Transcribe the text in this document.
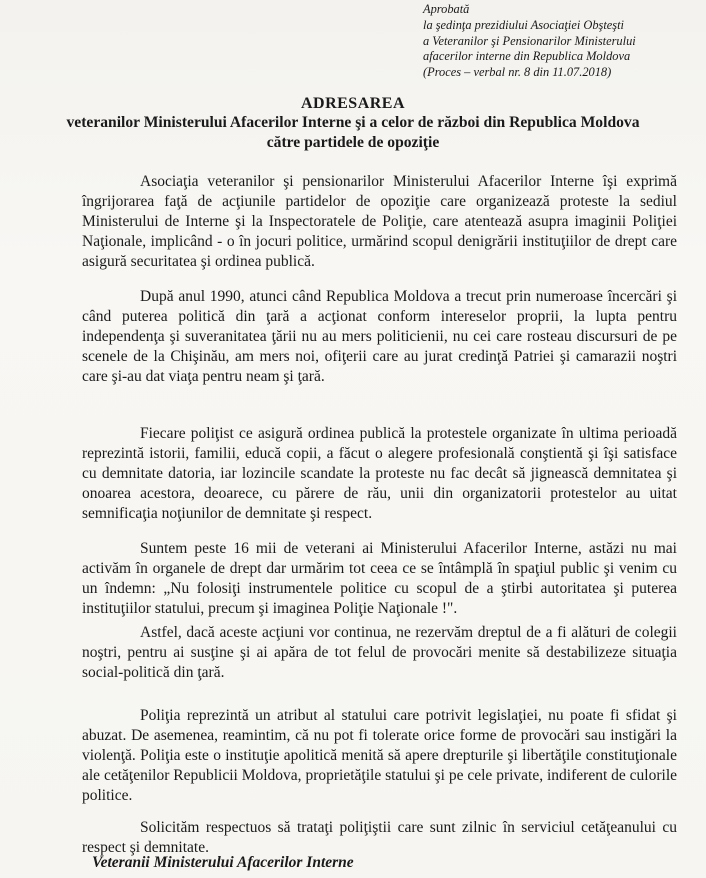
Aprobată
la şedinţa prezidiului Asociaţiei Obşteşti
a Veteranilor şi Pensionarilor Ministerului
afacerilor interne din Republica Moldova
(Proces – verbal nr. 8 din 11.07.2018)
ADRESAREA
veteranilor Ministerului Afacerilor Interne şi a celor de război din Republica Moldova
către partidele de opoziţie

Asociaţia veteranilor şi pensionarilor Ministerului Afacerilor Interne îşi exprimă îngrijorarea faţă de acţiunile partidelor de opoziţie care organizează proteste la sediul Ministerului de Interne şi la Inspectoratele de Poliţie, care atentează asupra imaginii Poliţiei Naţionale, implicând - o în jocuri politice, urmărind scopul denigrării instituţiilor de drept care asigură securitatea şi ordinea publică.

După anul 1990, atunci când Republica Moldova a trecut prin numeroase încercări şi când puterea politică din ţară a acţionat conform intereselor proprii, la lupta pentru independenţa şi suveranitatea ţării nu au mers politicienii, nu cei care rosteau discursuri de pe scenele de la Chişinău, am mers noi, ofiţerii care au jurat credinţă Patriei şi camarazii noştri care şi-au dat viaţa pentru neam şi ţară.

Fiecare poliţist ce asigură ordinea publică la protestele organizate în ultima perioadă reprezintă istorii, familii, educă copii, a făcut o alegere profesională conştientă şi îşi satisface cu demnitate datoria, iar lozincile scandate la proteste nu fac decât să jignească demnitatea şi onoarea acestora, deoarece, cu părere de rău, unii din organizatorii protestelor au uitat semnificaţia noţiunilor de demnitate şi respect.

Suntem peste 16 mii de veterani ai Ministerului Afacerilor Interne, astăzi nu mai activăm în organele de drept dar urmărim tot ceea ce se întâmplă în spaţiul public şi venim cu un îndemn: „Nu folosiţi instrumentele politice cu scopul de a ştirbi autoritatea şi puterea instituţiilor statului, precum şi imaginea Poliţie Naţionale !".

Astfel, dacă aceste acţiuni vor continua, ne rezervăm dreptul de a fi alături de colegii noştri, pentru ai susţine şi ai apăra de tot felul de provocări menite să destabilizeze situaţia social-politică din ţară.

Poliţia reprezintă un atribut al statului care potrivit legislaţiei, nu poate fi sfidat şi abuzat. De asemenea, reamintim, că nu pot fi tolerate orice forme de provocări sau instigări la violenţă. Poliţia este o instituţie apolitică menită să apere drepturile şi libertăţile constituţionale ale cetăţenilor Republicii Moldova, proprietăţile statului şi pe cele private, indiferent de culorile politice.

Solicităm respectuos să trataţi poliţiştii care sunt zilnic în serviciul cetăţeanului cu respect şi demnitate.

Veteranii Ministerului Afacerilor Interne
